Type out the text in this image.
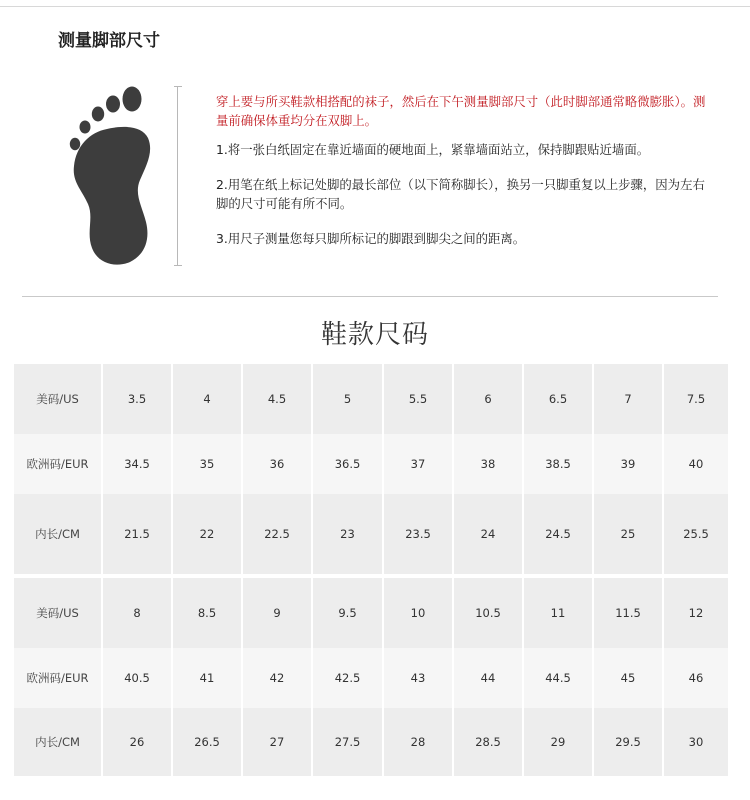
测量脚部尺寸

穿上要与所买鞋款相搭配的袜子，然后在下午测量脚部尺寸（此时脚部通常略微膨胀）。测量前确保体重均分在双脚上。

1.将一张白纸固定在靠近墙面的硬地面上，紧靠墙面站立，保持脚跟贴近墙面。

2.用笔在纸上标记处脚的最长部位（以下简称脚长），换另一只脚重复以上步骤，因为左右脚的尺寸可能有所不同。

3.用尺子测量您每只脚所标记的脚跟到脚尖之间的距离。

鞋款尺码
美码/US	3.5	4	4.5	5	5.5	6	6.5	7	7.5
欧洲码/EUR	34.5	35	36	36.5	37	38	38.5	39	40
内长/CM	21.5	22	22.5	23	23.5	24	24.5	25	25.5
美码/US	8	8.5	9	9.5	10	10.5	11	11.5	12
欧洲码/EUR	40.5	41	42	42.5	43	44	44.5	45	46
内长/CM	26	26.5	27	27.5	28	28.5	29	29.5	30
